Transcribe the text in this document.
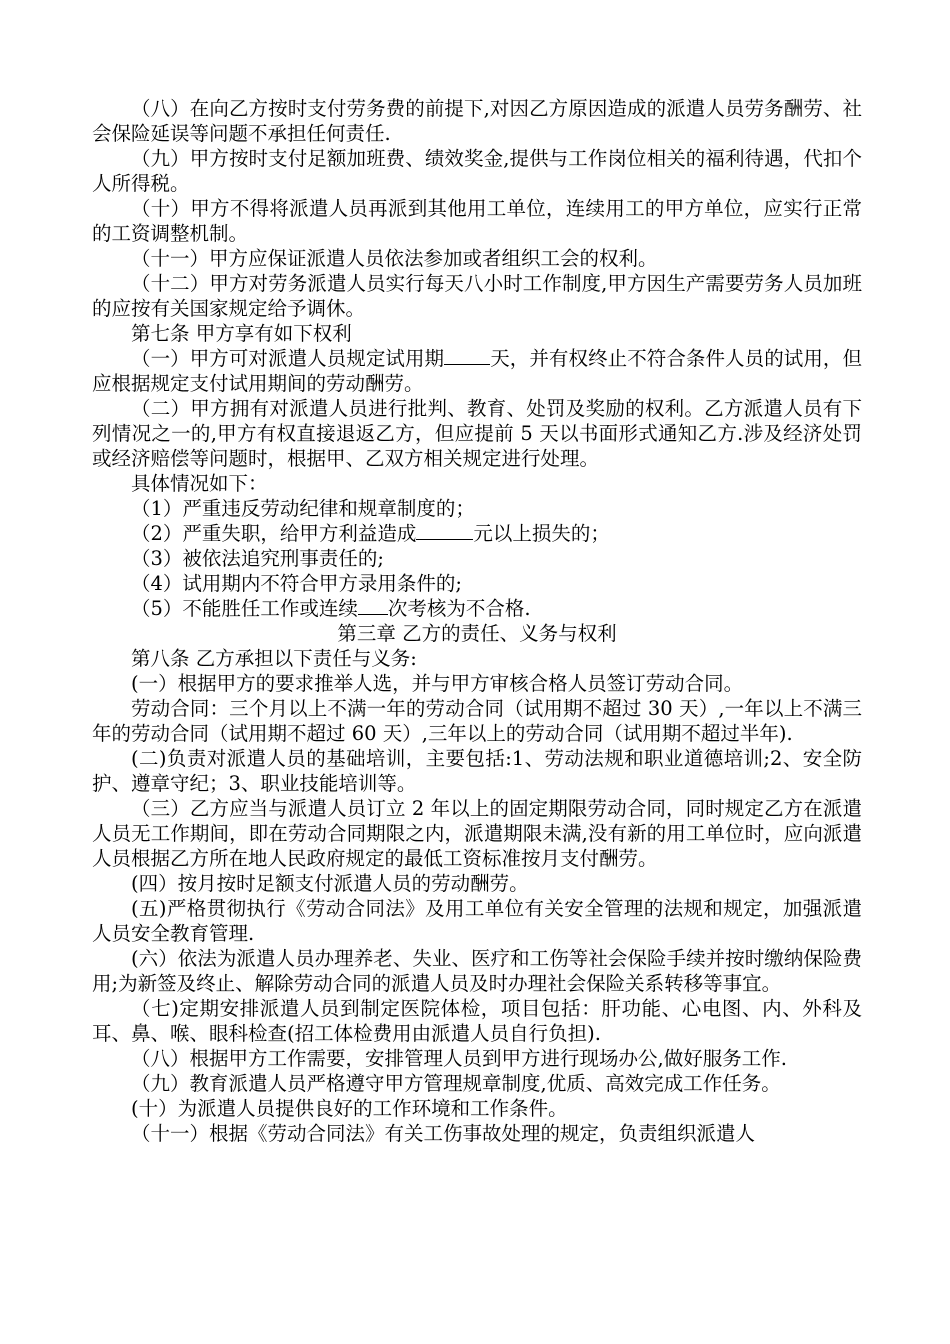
（八）在向乙方按时支付劳务费的前提下,对因乙方原因造成的派遣人员劳务酬劳、社会保险延误等问题不承担任何责任.

（九）甲方按时支付足额加班费、绩效奖金,提供与工作岗位相关的福利待遇，代扣个人所得税。

（十）甲方不得将派遣人员再派到其他用工单位，连续用工的甲方单位，应实行正常的工资调整机制。

（十一）甲方应保证派遣人员依法参加或者组织工会的权利。

（十二）甲方对劳务派遣人员实行每天八小时工作制度,甲方因生产需要劳务人员加班的应按有关国家规定给予调休。

第七条 甲方享有如下权利

（一）甲方可对派遣人员规定试用期 天，并有权终止不符合条件人员的试用，但应根据规定支付试用期间的劳动酬劳。

（二）甲方拥有对派遣人员进行批判、教育、处罚及奖励的权利。乙方派遣人员有下列情况之一的,甲方有权直接退返乙方，但应提前 5 天以书面形式通知乙方.涉及经济处罚或经济赔偿等问题时，根据甲、乙双方相关规定进行处理。

具体情况如下：

（1）严重违反劳动纪律和规章制度的；

（2）严重失职，给甲方利益造成	元以上损失的；

（3）被依法追究刑事责任的;

（4）试用期内不符合甲方录用条件的;

（5）不能胜任工作或连续 次考核为不合格.

第三章 乙方的责任、义务与权利

第八条 乙方承担以下责任与义务:

(一）根据甲方的要求推举人选，并与甲方审核合格人员签订劳动合同。

劳动合同：三个月以上不满一年的劳动合同（试用期不超过 30 天）,一年以上不满三年的劳动合同（试用期不超过 60 天）,三年以上的劳动合同（试用期不超过半年).

(二)负责对派遣人员的基础培训，主要包括:1、劳动法规和职业道德培训;2、安全防护、遵章守纪；3、职业技能培训等。

（三）乙方应当与派遣人员订立 2 年以上的固定期限劳动合同，同时规定乙方在派遣人员无工作期间，即在劳动合同期限之内，派遣期限未满,没有新的用工单位时，应向派遣人员根据乙方所在地人民政府规定的最低工资标准按月支付酬劳。

(四）按月按时足额支付派遣人员的劳动酬劳。

(五)严格贯彻执行《劳动合同法》及用工单位有关安全管理的法规和规定，加强派遣人员安全教育管理.

(六）依法为派遣人员办理养老、失业、医疗和工伤等社会保险手续并按时缴纳保险费用;为新签及终止、解除劳动合同的派遣人员及时办理社会保险关系转移等事宜。

（七)定期安排派遣人员到制定医院体检，项目包括：肝功能、心电图、内、外科及耳、鼻、喉、眼科检查(招工体检费用由派遣人员自行负担).

（八）根据甲方工作需要，安排管理人员到甲方进行现场办公,做好服务工作.

（九）教育派遣人员严格遵守甲方管理规章制度,优质、高效完成工作任务。

(十）为派遣人员提供良好的工作环境和工作条件。

（十一）根据《劳动合同法》有关工伤事故处理的规定，负责组织派遣人
